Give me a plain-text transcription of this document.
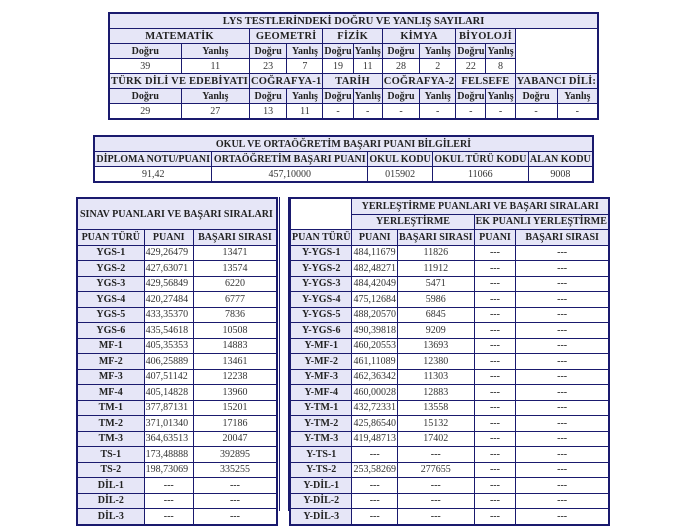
LYS TESTLERİNDEKİ DOĞRU VE YANLIŞ SAYILARI											
MATEMATİK		GEOMETRİ		FİZİK		KİMYA		BİYOLOJİ			
Doğru	Yanlış	Doğru	Yanlış	Doğru	Yanlış	Doğru	Yanlış	Doğru	Yanlış		
39	11	23	7	19	11	28	2	22	8		
TÜRK DİLİ VE EDEBİYATI		COĞRAFYA-1		TARİH		COĞRAFYA-2		FELSEFE		YABANCI DİLİ:	
Doğru	Yanlış	Doğru	Yanlış	Doğru	Yanlış	Doğru	Yanlış	Doğru	Yanlış	Doğru	Yanlış
29	27	13	11	-	-	-	-	-	-	-	-
OKUL VE ORTAÖĞRETİM BAŞARI PUANI BİLGİLERİ				
DİPLOMA NOTU/PUANI	ORTAÖĞRETİM BAŞARI PUANI	OKUL KODU	OKUL TÜRÜ KODU	ALAN KODU
91,42	457,10000	015902	11066	9008
SINAV PUANLARI VE BAŞARI SIRALARI		
PUAN TÜRÜ	PUANI	BAŞARI SIRASI
YGS-1	429,26479	13471
YGS-2	427,63071	13574
YGS-3	429,56849	6220
YGS-4	420,27484	6777
YGS-5	433,35370	7836
YGS-6	435,54618	10508
MF-1	405,35353	14883
MF-2	406,25889	13461
MF-3	407,51142	12238
MF-4	405,14828	13960
TM-1	377,87131	15201
TM-2	371,01340	17186
TM-3	364,63513	20047
TS-1	173,48888	392895
TS-2	198,73069	335255
DİL-1	---	---
DİL-2	---	---
DİL-3	---	---
	YERLEŞTİRME PUANLARI VE BAŞARI SIRALARI			
	YERLEŞTİRME		EK PUANLI YERLEŞTİRME	
PUAN TÜRÜ	PUANI	BAŞARI SIRASI	PUANI	BAŞARI SIRASI
Y-YGS-1	484,11679	11826	---	---
Y-YGS-2	482,48271	11912	---	---
Y-YGS-3	484,42049	5471	---	---
Y-YGS-4	475,12684	5986	---	---
Y-YGS-5	488,20570	6845	---	---
Y-YGS-6	490,39818	9209	---	---
Y-MF-1	460,20553	13693	---	---
Y-MF-2	461,11089	12380	---	---
Y-MF-3	462,36342	11303	---	---
Y-MF-4	460,00028	12883	---	---
Y-TM-1	432,72331	13558	---	---
Y-TM-2	425,86540	15132	---	---
Y-TM-3	419,48713	17402	---	---
Y-TS-1	---	---	---	---
Y-TS-2	253,58269	277655	---	---
Y-DİL-1	---	---	---	---
Y-DİL-2	---	---	---	---
Y-DİL-3	---	---	---	---
